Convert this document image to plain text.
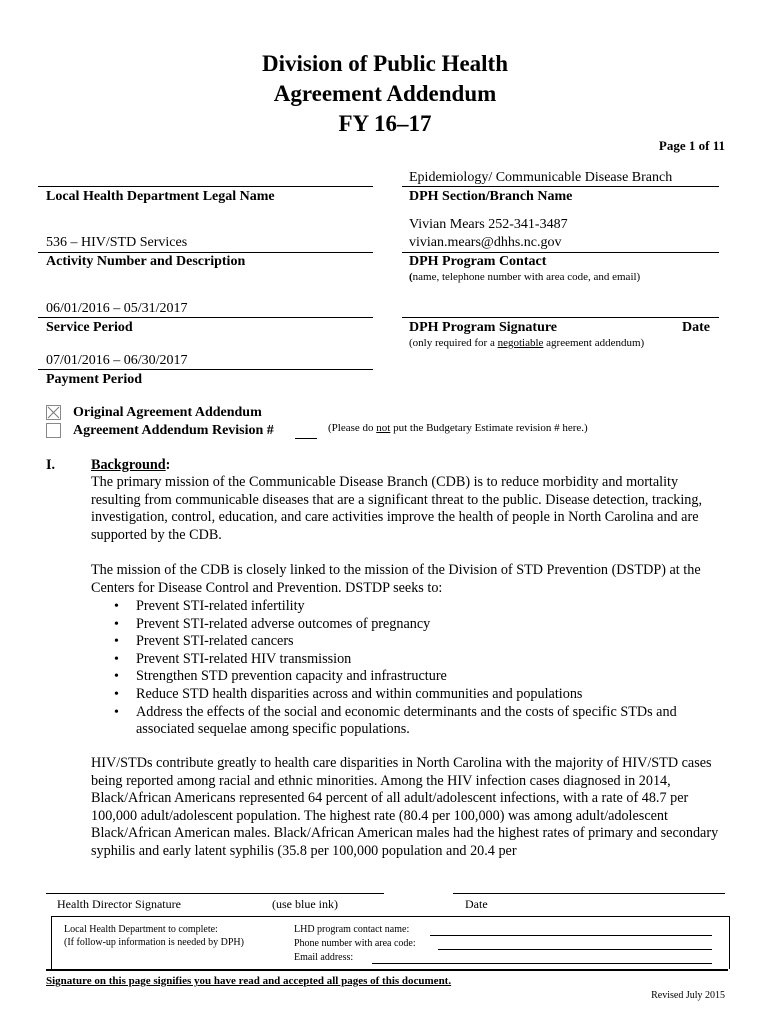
Division of Public Health
Agreement Addendum
FY 16–17
Page 1 of 11
Local Health Department Legal Name
536 – HIV/STD Services
Activity Number and Description
06/01/2016 – 05/31/2017
Service Period
07/01/2016 – 06/30/2017
Payment Period
Epidemiology/ Communicable Disease Branch
DPH Section/Branch Name
Vivian Mears 252-341-3487
vivian.mears@dhhs.nc.gov
DPH Program Contact
(name, telephone number with area code, and email)
DPH Program Signature	Date
(only required for a negotiable agreement addendum)
Original Agreement Addendum
Agreement Addendum Revision #	(Please do not put the Budgetary Estimate revision # here.)
I.	Background:
The primary mission of the Communicable Disease Branch (CDB) is to reduce morbidity and mortality resulting from communicable diseases that are a significant threat to the public. Disease detection, tracking, investigation, control, education, and care activities improve the health of people in North Carolina and are supported by the CDB.
The mission of the CDB is closely linked to the mission of the Division of STD Prevention (DSTDP) at the Centers for Disease Control and Prevention. DSTDP seeks to:
• Prevent STI-related infertility
• Prevent STI-related adverse outcomes of pregnancy
• Prevent STI-related cancers
• Prevent STI-related HIV transmission
• Strengthen STD prevention capacity and infrastructure
• Reduce STD health disparities across and within communities and populations
• Address the effects of the social and economic determinants and the costs of specific STDs and associated sequelae among specific populations.
HIV/STDs contribute greatly to health care disparities in North Carolina with the majority of HIV/STD cases being reported among racial and ethnic minorities. Among the HIV infection cases diagnosed in 2014, Black/African Americans represented 64 percent of all adult/adolescent infections, with a rate of 48.7 per 100,000 adult/adolescent population. The highest rate (80.4 per 100,000) was among adult/adolescent Black/African American males. Black/African American males had the highest rates of primary and secondary syphilis and early latent syphilis (35.8 per 100,000 population and 20.4 per
Health Director Signature	(use blue ink)	Date
Local Health Department to complete:
(If follow-up information is needed by DPH)
LHD program contact name:
Phone number with area code:
Email address:
Signature on this page signifies you have read and accepted all pages of this document.
Revised July 2015
